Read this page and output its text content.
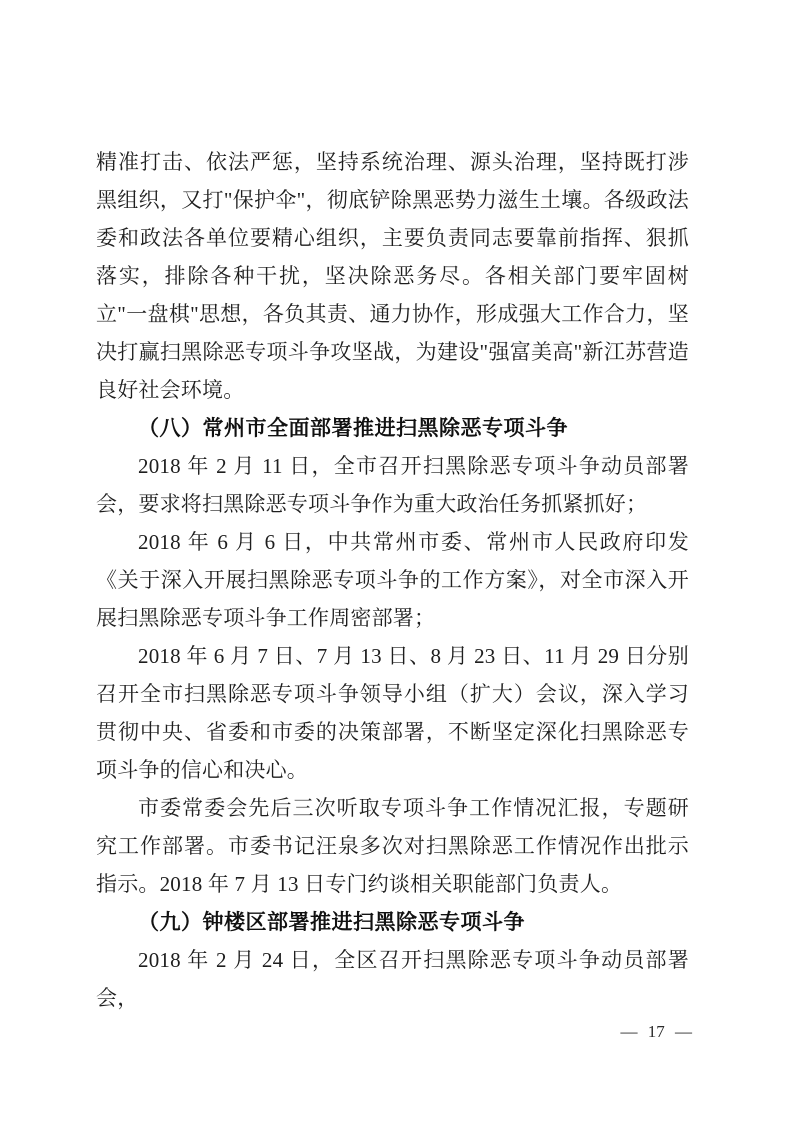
精准打击、依法严惩，坚持系统治理、源头治理，坚持既打涉黑组织，又打"保护伞"，彻底铲除黑恶势力滋生土壤。各级政法委和政法各单位要精心组织，主要负责同志要靠前指挥、狠抓落实，排除各种干扰，坚决除恶务尽。各相关部门要牢固树立"一盘棋"思想，各负其责、通力协作，形成强大工作合力，坚决打赢扫黑除恶专项斗争攻坚战，为建设"强富美高"新江苏营造良好社会环境。

（八）常州市全面部署推进扫黑除恶专项斗争

2018 年 2 月 11 日，全市召开扫黑除恶专项斗争动员部署会，要求将扫黑除恶专项斗争作为重大政治任务抓紧抓好；

2018 年 6 月 6 日，中共常州市委、常州市人民政府印发《关于深入开展扫黑除恶专项斗争的工作方案》，对全市深入开展扫黑除恶专项斗争工作周密部署；

2018 年 6 月 7 日、7 月 13 日、8 月 23 日、11 月 29 日分别召开全市扫黑除恶专项斗争领导小组（扩大）会议，深入学习贯彻中央、省委和市委的决策部署，不断坚定深化扫黑除恶专项斗争的信心和决心。

市委常委会先后三次听取专项斗争工作情况汇报，专题研究工作部署。市委书记汪泉多次对扫黑除恶工作情况作出批示指示。2018 年 7 月 13 日专门约谈相关职能部门负责人。

（九）钟楼区部署推进扫黑除恶专项斗争

2018 年 2 月 24 日，全区召开扫黑除恶专项斗争动员部署会，

— 17 —
